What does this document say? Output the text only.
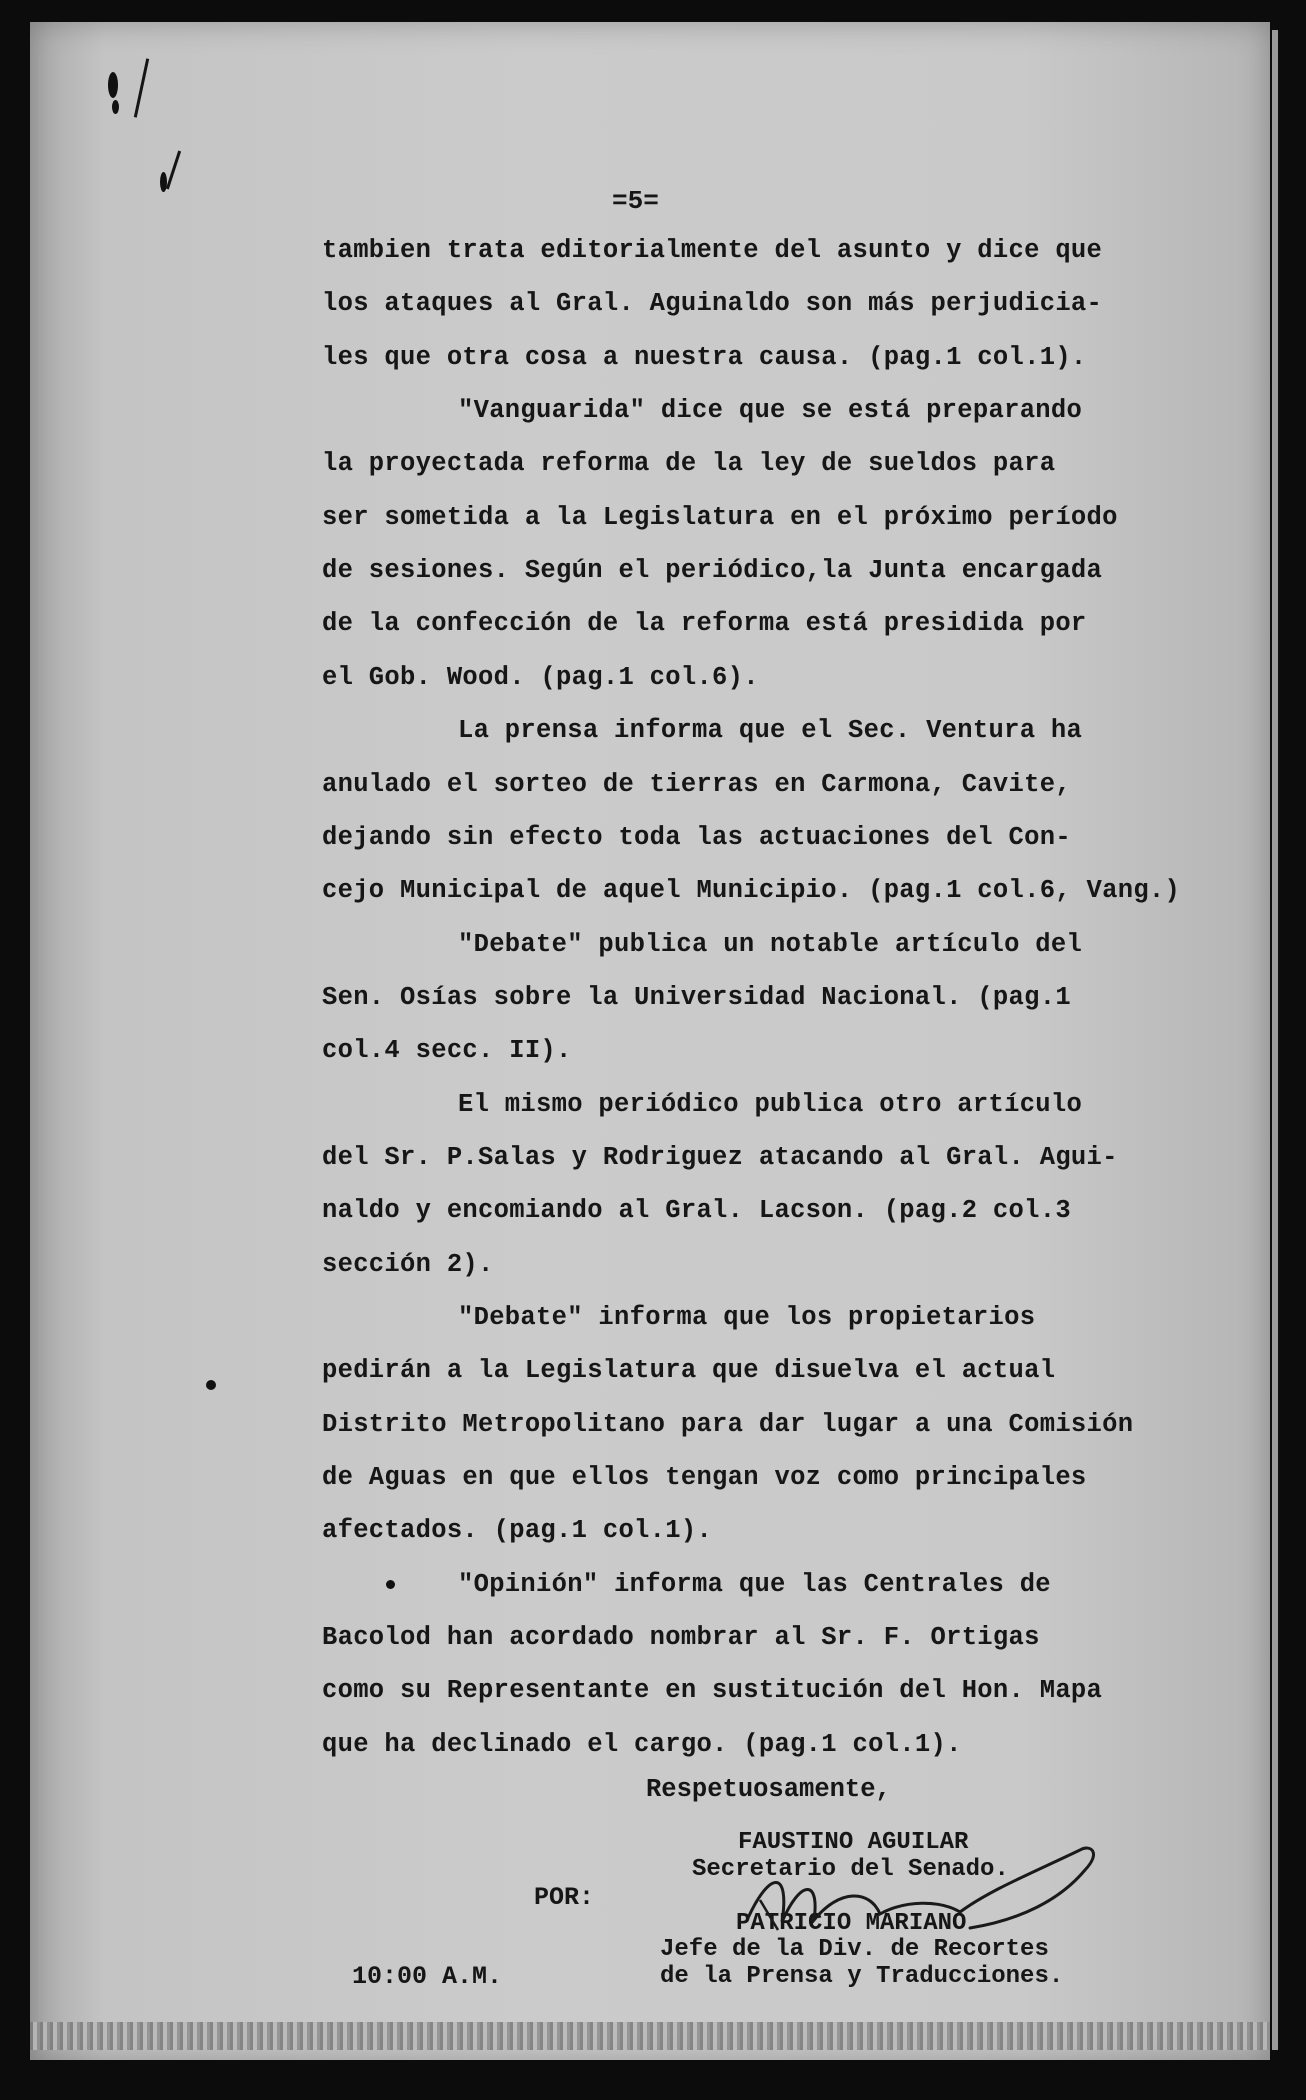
=5=
tambien trata editorialmente del asunto y dice que
los ataques al Gral. Aguinaldo son más perjudicia-
les que otra cosa a nuestra causa. (pag.1 col.1).
"Vanguarida" dice que se está preparando
la proyectada reforma de la ley de sueldos para
ser sometida a la Legislatura en el próximo período
de sesiones. Según el periódico,la Junta encargada
de la confección de la reforma está presidida por
el Gob. Wood. (pag.1 col.6).
La prensa informa que el Sec. Ventura ha
anulado el sorteo de tierras en Carmona, Cavite,
dejando sin efecto toda las actuaciones del Con-
cejo Municipal de aquel Municipio. (pag.1 col.6, Vang.)
"Debate" publica un notable artículo del
Sen. Osías sobre la Universidad Nacional. (pag.1
col.4 secc. II).
El mismo periódico publica otro artículo
del Sr. P.Salas y Rodriguez atacando al Gral. Agui-
naldo y encomiando al Gral. Lacson. (pag.2 col.3
sección 2).
"Debate" informa que los propietarios
pedirán a la Legislatura que disuelva el actual
Distrito Metropolitano para dar lugar a una Comisión
de Aguas en que ellos tengan voz como principales
afectados. (pag.1 col.1).
"Opinión" informa que las Centrales de
Bacolod han acordado nombrar al Sr. F. Ortigas
como su Representante en sustitución del Hon. Mapa
que ha declinado el cargo. (pag.1 col.1).
Respetuosamente,
FAUSTINO AGUILAR
Secretario del Senado.
POR:
PATRICIO MARIANO
Jefe de la Div. de Recortes
de la Prensa y Traducciones.
10:00 A.M.
